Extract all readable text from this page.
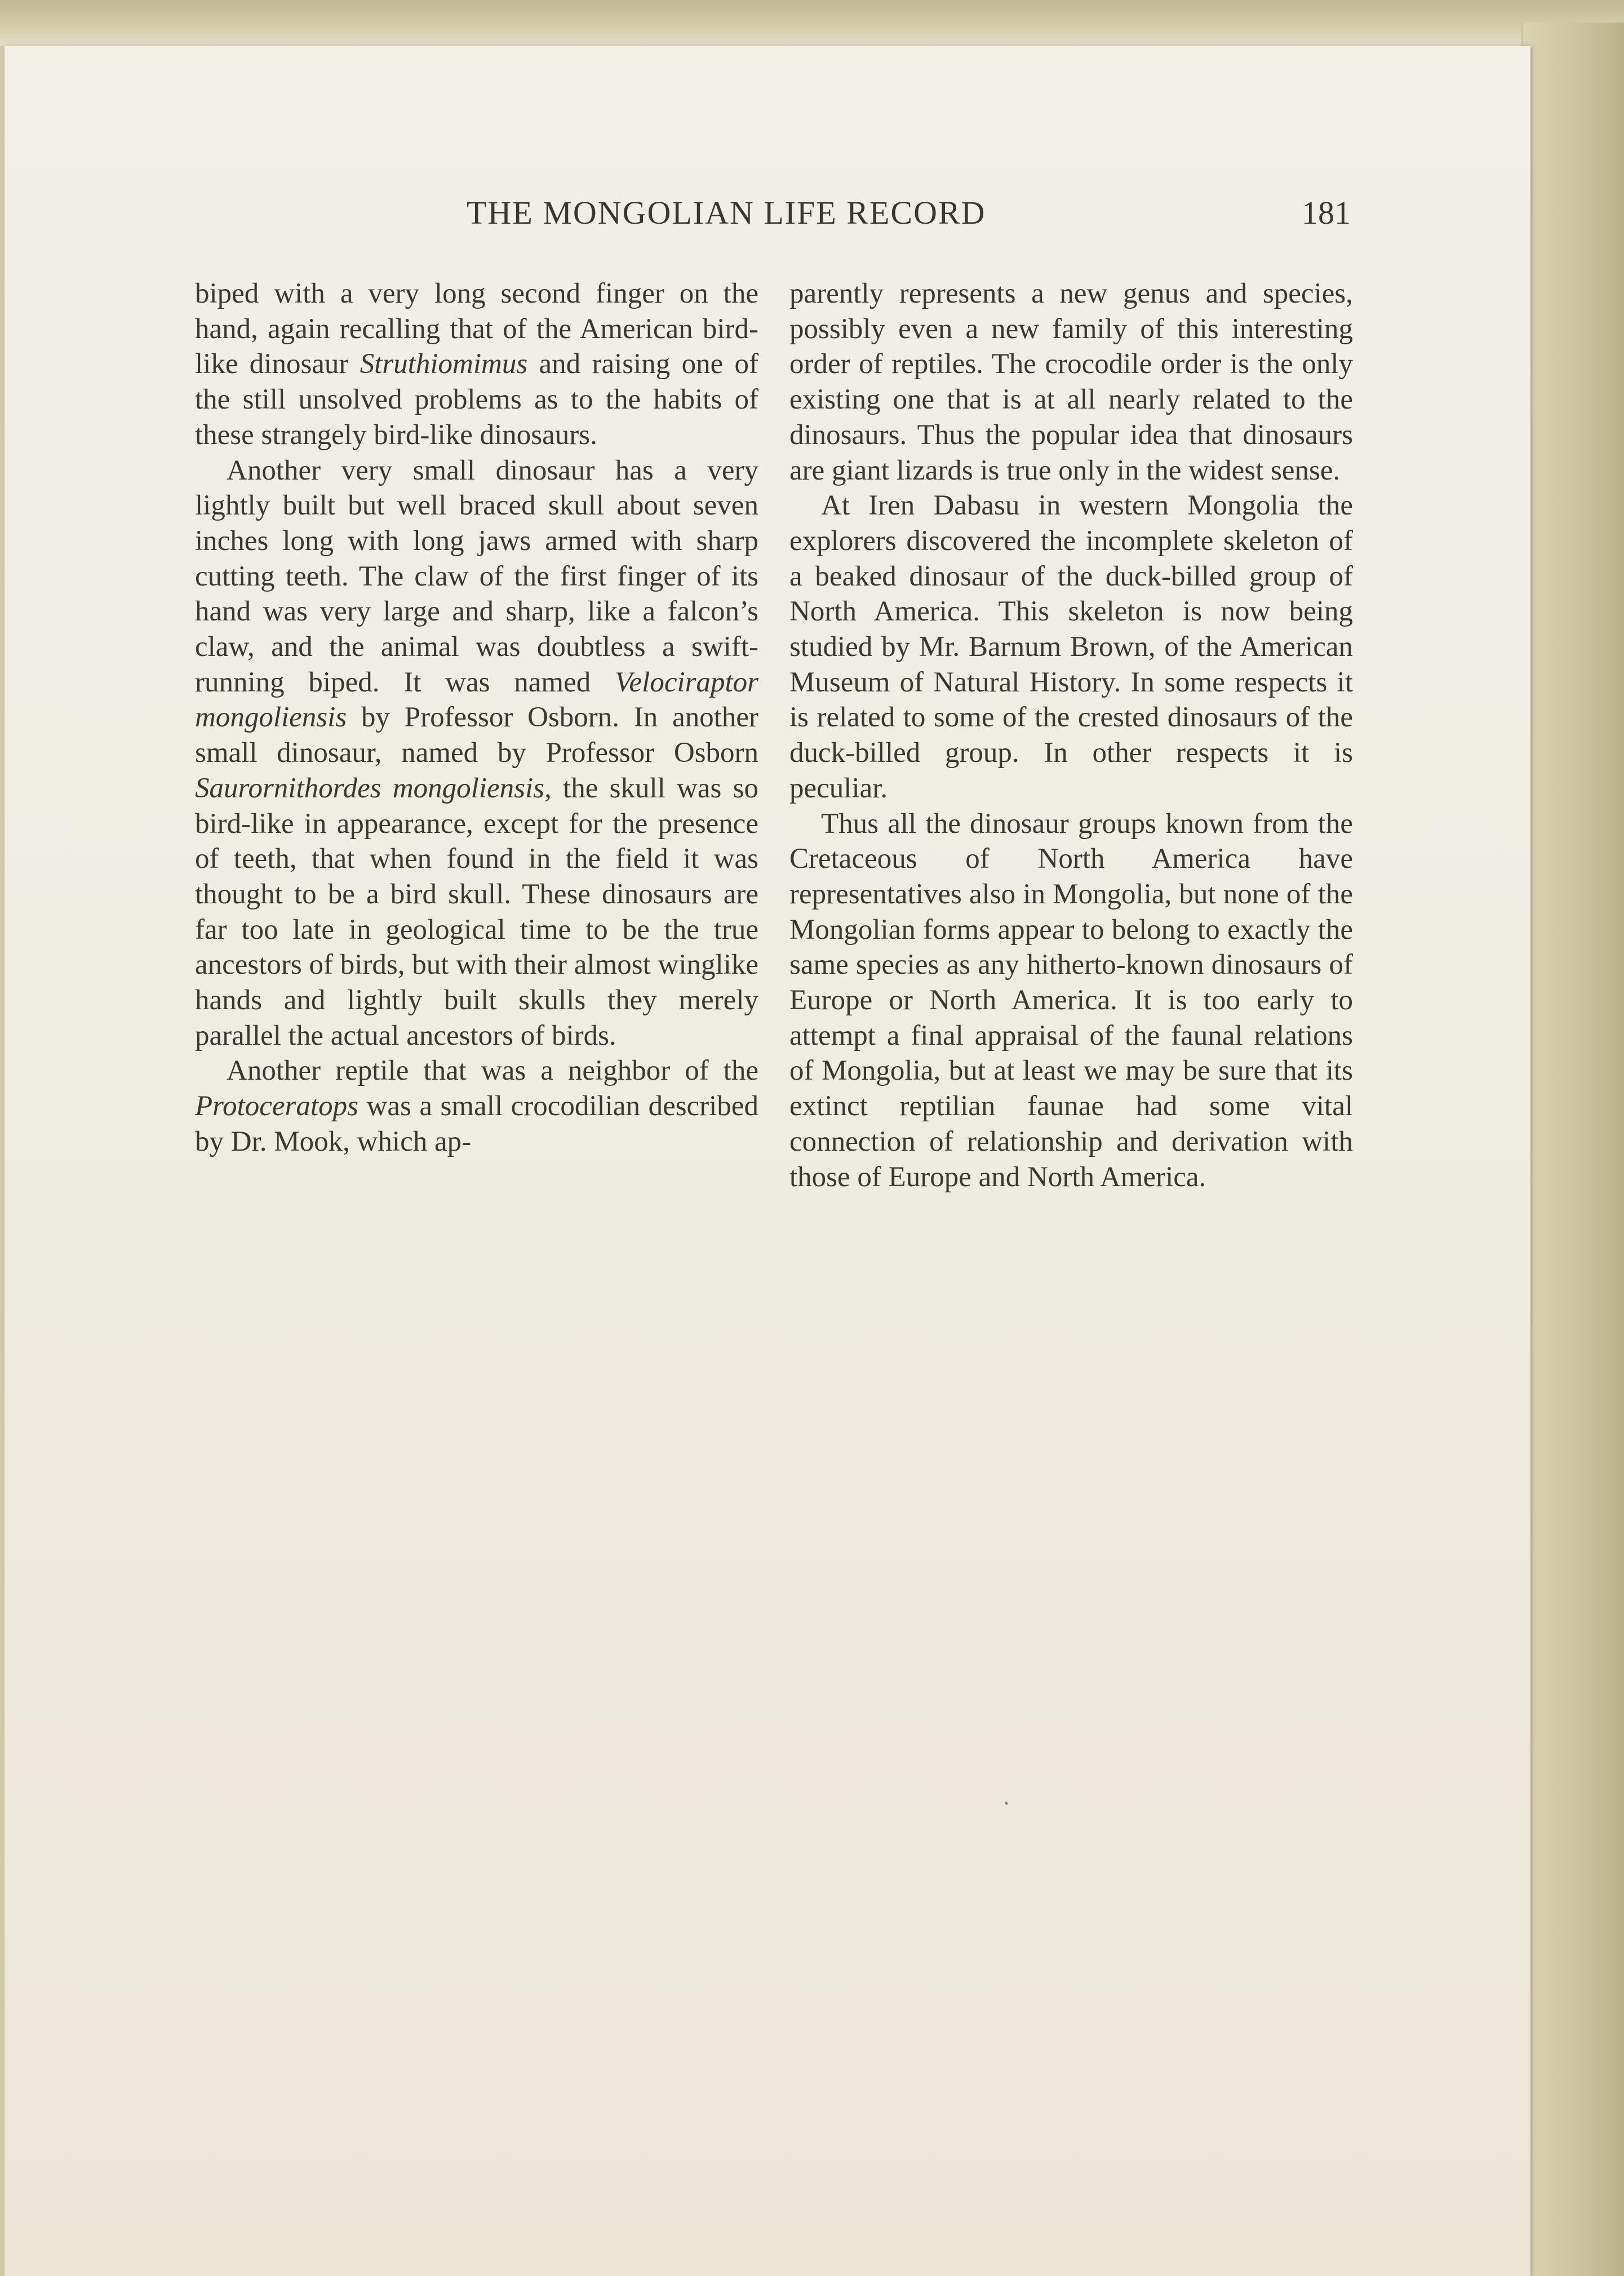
THE MONGOLIAN LIFE RECORD	181

biped with a very long second finger on the hand, again recalling that of the American bird-like dinosaur Struthiomimus and raising one of the still unsolved problems as to the habits of these strangely bird-like dinosaurs.

Another very small dinosaur has a very lightly built but well braced skull about seven inches long with long jaws armed with sharp cutting teeth. The claw of the first finger of its hand was very large and sharp, like a falcon’s claw, and the animal was doubtless a swift-running biped. It was named Velociraptor mongoliensis by Professor Osborn. In another small dinosaur, named by Professor Osborn Saurornithordes mongoliensis, the skull was so bird-like in appearance, except for the presence of teeth, that when found in the field it was thought to be a bird skull. These dinosaurs are far too late in geological time to be the true ancestors of birds, but with their almost winglike hands and lightly built skulls they merely parallel the actual ancestors of birds.

Another reptile that was a neighbor of the Protoceratops was a small crocodilian described by Dr. Mook, which ap-

parently represents a new genus and species, possibly even a new family of this interesting order of reptiles. The crocodile order is the only existing one that is at all nearly related to the dinosaurs. Thus the popular idea that dinosaurs are giant lizards is true only in the widest sense.

At Iren Dabasu in western Mongolia the explorers discovered the incomplete skeleton of a beaked dinosaur of the duck-billed group of North America. This skeleton is now being studied by Mr. Barnum Brown, of the American Museum of Natural History. In some respects it is related to some of the crested dinosaurs of the duck-billed group. In other respects it is peculiar.

Thus all the dinosaur groups known from the Cretaceous of North America have representatives also in Mongolia, but none of the Mongolian forms appear to belong to exactly the same species as any hitherto-known dinosaurs of Europe or North America. It is too early to attempt a final appraisal of the faunal relations of Mongolia, but at least we may be sure that its extinct reptilian faunae had some vital connection of relationship and derivation with those of Europe and North America.
